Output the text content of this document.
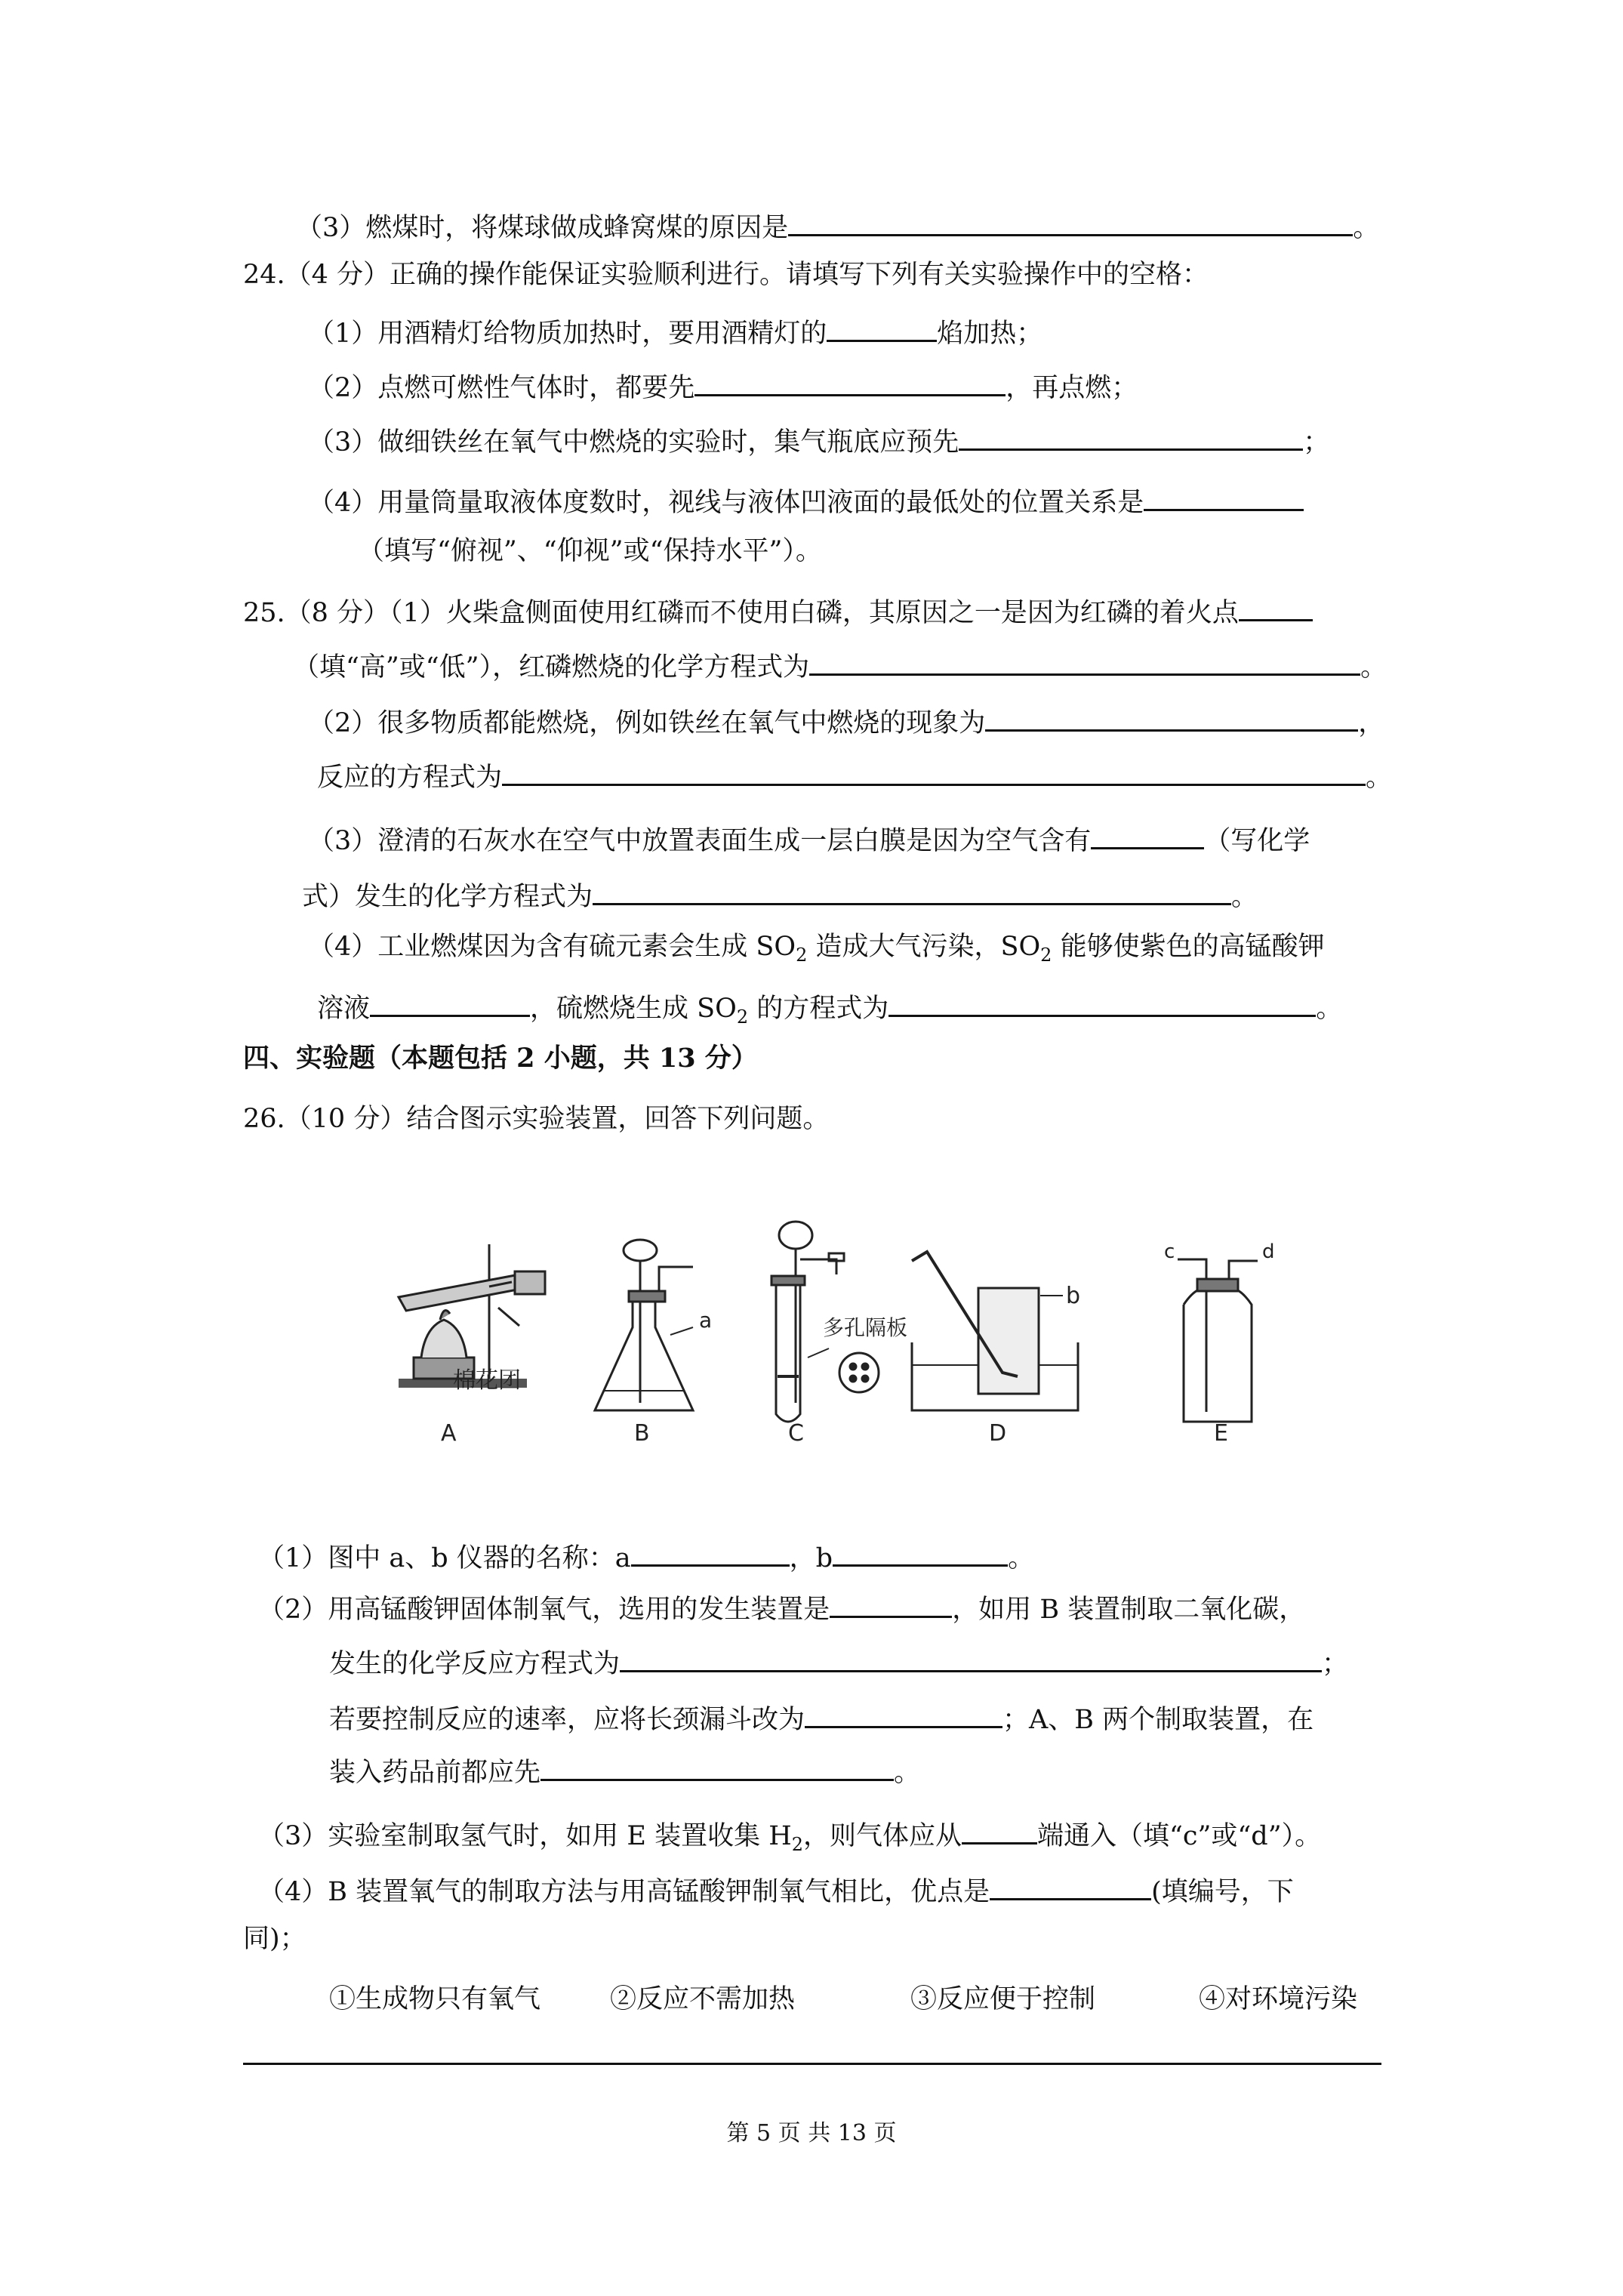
（3）燃煤时，将煤球做成蜂窝煤的原因是	。
24.（4 分）正确的操作能保证实验顺利进行。请填写下列有关实验操作中的空格：
（1）用酒精灯给物质加热时，要用酒精灯的	焰加热；
（2）点燃可燃性气体时，都要先	，再点燃；
（3）做细铁丝在氧气中燃烧的实验时，集气瓶底应预先	；
（4）用量筒量取液体度数时，视线与液体凹液面的最低处的位置关系是
（填写“俯视”、“仰视”或“保持水平”）。
25.（8 分）（1）火柴盒侧面使用红磷而不使用白磷，其原因之一是因为红磷的着火点
（填“高”或“低”），红磷燃烧的化学方程式为	。
（2）很多物质都能燃烧，例如铁丝在氧气中燃烧的现象为	，
反应的方程式为	。
（3）澄清的石灰水在空气中放置表面生成一层白膜是因为空气含有	（写化学
式）发生的化学方程式为	。
（4）工业燃煤因为含有硫元素会生成 $SO_2$ 造成大气污染，$SO_2$ 能够使紫色的高锰酸钾
溶液	，硫燃烧生成 $SO_2$ 的方程式为	。
四、实验题（本题包括 2 小题，共 13 分）
26.（10 分）结合图示实验装置，回答下列问题。
棉花团
a	多孔隔板
b
c	d
A	B	C	D	E
（1）图中 a、b 仪器的名称：a	，b	。
（2）用高锰酸钾固体制氧气，选用的发生装置是	，如用 B 装置制取二氧化碳，
发生的化学反应方程式为	；
若要控制反应的速率，应将长颈漏斗改为	；A、B 两个制取装置，在
装入药品前都应先	。
（3）实验室制取氢气时，如用 E 装置收集 $H_2$，则气体应从	端通入（填“c”或“d”）。
（4）B 装置氧气的制取方法与用高锰酸钾制氧气相比，优点是	(填编号，下
同)；
①生成物只有氧气	②反应不需加热	③反应便于控制	④对环境污染
第 5 页 共 13 页
